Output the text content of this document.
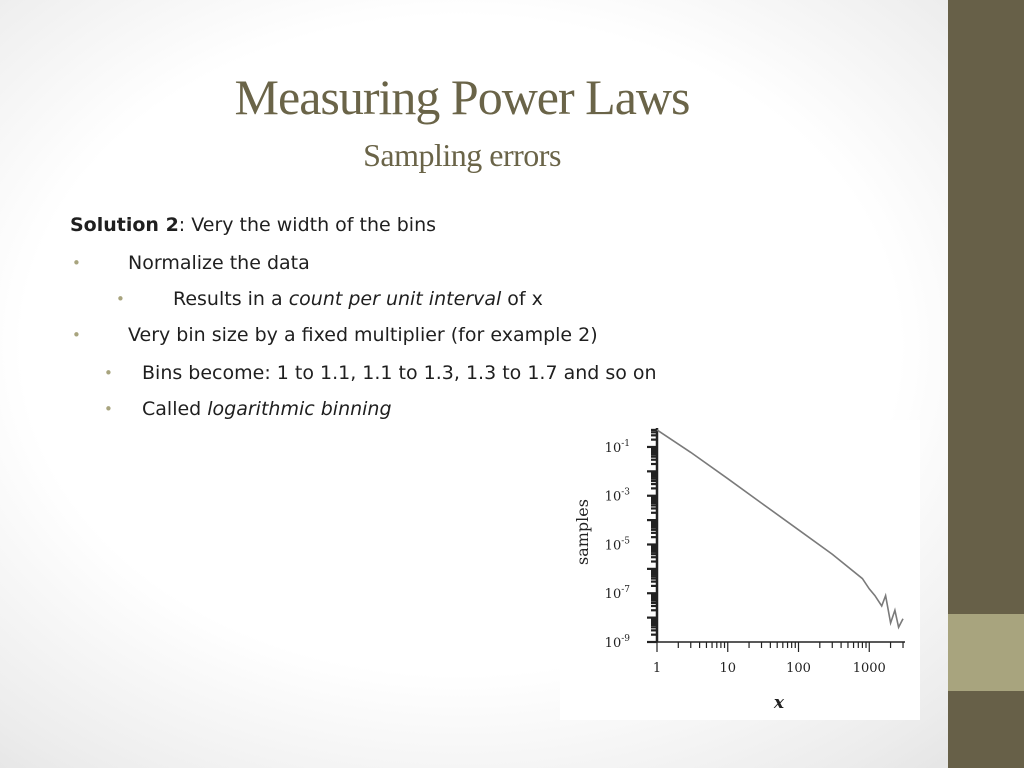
Measuring Power Laws
Sampling errors
Solution 2: Very the width of the bins
• Normalize the data
•	Results in a count per unit interval of x
• Very bin size by a fixed multiplier (for example 2)
• Bins become: 1 to 1.1, 1.1 to 1.3, 1.3 to 1.7 and so on
• Called logarithmic binning
$10^{-1}$
$10^{-3}$
$10^{-5}$
$10^{-7}$
$10^{-9}$
1	10	100	1000
samples
x
